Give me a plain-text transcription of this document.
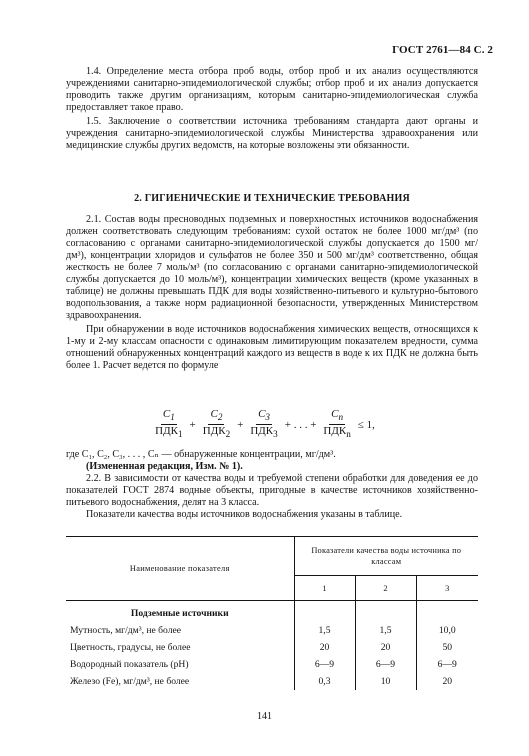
ГОСТ 2761—84 С. 2

1.4. Определение места отбора проб воды, отбор проб и их анализ осуществляются учреждениями санитарно-эпидемиологической службы; отбор проб и их анализ допускается проводить также другим организациям, которым санитарно-эпидемиологическая служба предоставляет такое право.

1.5. Заключение о соответствии источника требованиям стандарта дают органы и учреждения санитарно-эпидемиологической службы Министерства здравоохранения или медицинские службы других ведомств, на которые возложены эти обязанности.

2. ГИГИЕНИЧЕСКИЕ И ТЕХНИЧЕСКИЕ ТРЕБОВАНИЯ

2.1. Состав воды пресноводных подземных и поверхностных источников водоснабжения должен соответствовать следующим требованиям: сухой остаток не более 1000 мг/дм³ (по согласованию с органами санитарно-эпидемиологической службы допускается до 1500 мг/дм³), концентрации хлоридов и сульфатов не более 350 и 500 мг/дм³ соответственно, общая жесткость не более 7 моль/м³ (по согласованию с органами санитарно-эпидемиологической службы допускается до 10 моль/м³), концентрации химических веществ (кроме указанных в таблице) не должны превышать ПДК для воды хозяйственно-питьевого и культурно-бытового водопользования, а также норм радиационной безопасности, утвержденных Министерством здравоохранения.

При обнаружении в воде источников водоснабжения химических веществ, относящихся к 1-му и 2-му классам опасности с одинаковым лимитирующим показателем вредности, сумма отношений обнаруженных концентраций каждого из веществ в воде к их ПДК не должна быть более 1. Расчет ведется по формуле

$\frac{C_1}{ПДК_1} + \frac{C_2}{ПДК_2} + \frac{C_3}{ПДК_3}$ + . . . + $\frac{C_n}{ПДК_n} \le 1$,

где C₁, C₂, C₃, . . . , Cₙ — обнаруженные концентрации, мг/дм³.

(Измененная редакция, Изм. № 1).

2.2. В зависимости от качества воды и требуемой степени обработки для доведения ее до показателей ГОСТ 2874 водные объекты, пригодные в качестве источников хозяйственно-питьевого водоснабжения, делят на 3 класса.

Показатели качества воды источников водоснабжения указаны в таблице.

Наименование показателя	Показатели качества воды источника по классам		
	1	2	3
Подземные источники			
Мутность, мг/дм³, не более	1,5	1,5	10,0
Цветность, градусы, не более	20	20	50
Водородный показатель (pH)	6—9	6—9	6—9
Железо (Fe), мг/дм³, не более	0,3	10	20
141
